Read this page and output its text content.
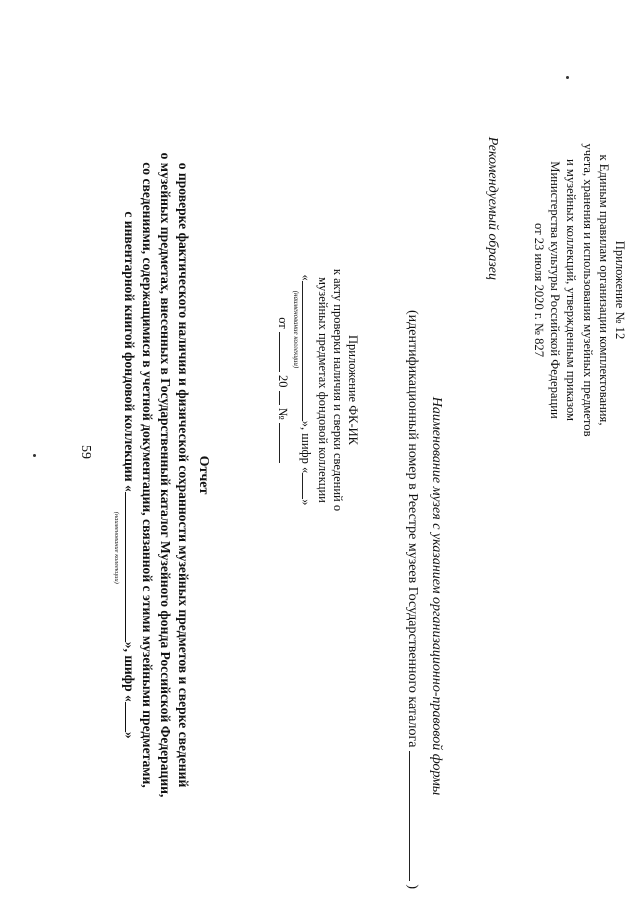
59
Приложение № 12
к Единым правилам организации комплектования,
учета, хранения и использования музейных предметов
и музейных коллекций, утвержденным приказом
Министерства культуры Российской Федерации
от 23 июля 2020 г. № 827
Рекомендуемый образец
Наименование музея с указанием организационно-правовой формы
(идентификационный номер в Реестре музеев Государственного каталога  )
Приложение ФК-ИК
к акту проверки наличия и сверки сведений о
музейных предметах фондовой коллекции
«
(наименование коллекции)
», шифр «»
от  20  №
Отчет
о проверке фактического наличия и физической сохранности музейных предметов и сверке сведений
о музейных предметах, внесенных в Государственный каталог Музейного фонда Российской Федерации,
со сведениями, содержащимися в учетной документации, связанной с этими музейными предметами,
с инвентарной книгой фондовой коллекции «
(наименование коллекции)
», шифр «»
